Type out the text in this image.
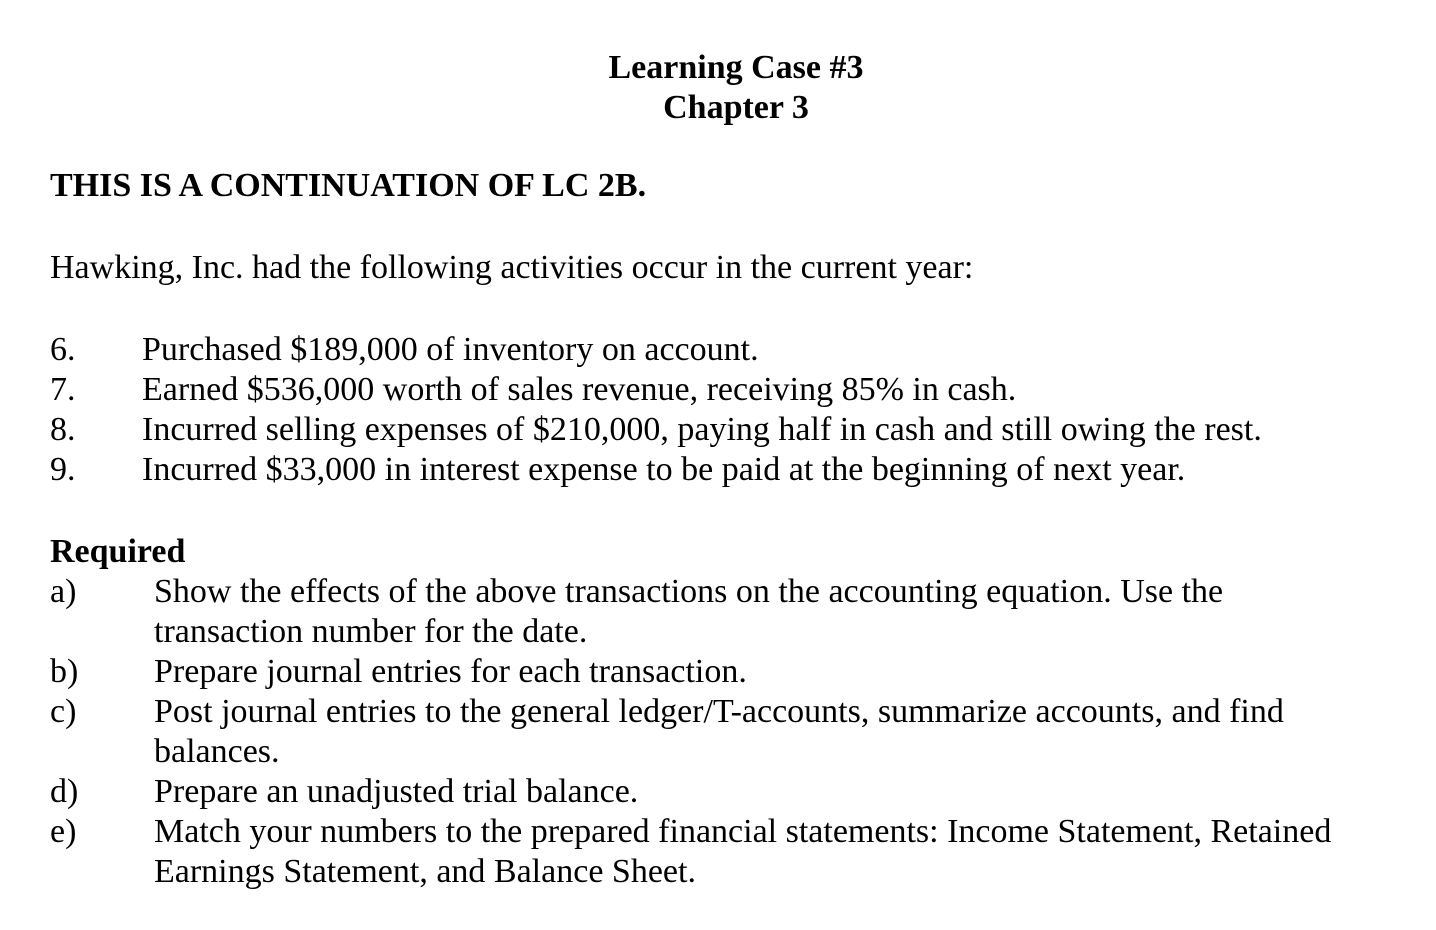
Learning Case #3
Chapter 3
THIS IS A CONTINUATION OF LC 2B.
Hawking, Inc. had the following activities occur in the current year:
6. Purchased $189,000 of inventory on account.
7. Earned $536,000 worth of sales revenue, receiving 85% in cash.
8. Incurred selling expenses of $210,000, paying half in cash and still owing the rest.
9. Incurred $33,000 in interest expense to be paid at the beginning of next year.
Required
a) Show the effects of the above transactions on the accounting equation. Use the transaction number for the date.
b) Prepare journal entries for each transaction.
c) Post journal entries to the general ledger/T-accounts, summarize accounts, and find balances.
d) Prepare an unadjusted trial balance.
e) Match your numbers to the prepared financial statements: Income Statement, Retained Earnings Statement, and Balance Sheet.
